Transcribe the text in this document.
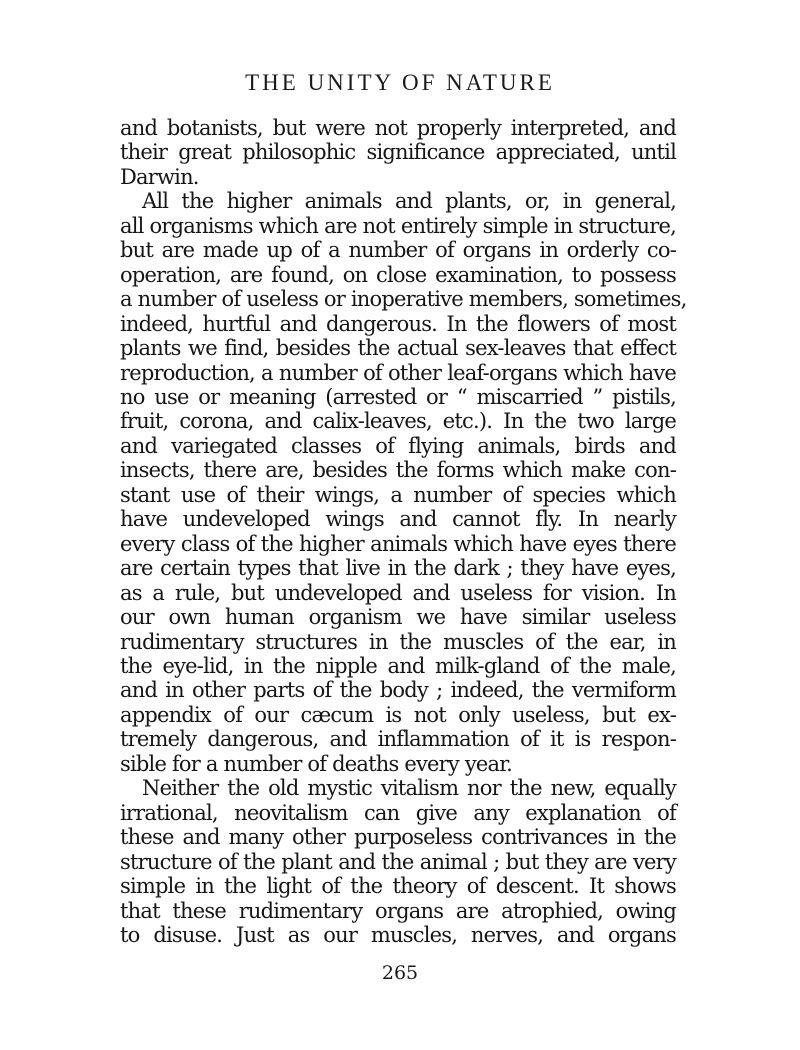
THE UNITY OF NATURE
and botanists, but were not properly interpreted, and
their great philosophic significance appreciated, until
Darwin.
All the higher animals and plants, or, in general,
all organisms which are not entirely simple in structure,
but are made up of a number of organs in orderly co-
operation, are found, on close examination, to possess
a number of useless or inoperative members, sometimes,
indeed, hurtful and dangerous. In the flowers of most
plants we find, besides the actual sex-leaves that effect
reproduction, a number of other leaf-organs which have
no use or meaning (arrested or “ miscarried ” pistils,
fruit, corona, and calix-leaves, etc.). In the two large
and variegated classes of flying animals, birds and
insects, there are, besides the forms which make con-
stant use of their wings, a number of species which
have undeveloped wings and cannot fly. In nearly
every class of the higher animals which have eyes there
are certain types that live in the dark ; they have eyes,
as a rule, but undeveloped and useless for vision. In
our own human organism we have similar useless
rudimentary structures in the muscles of the ear, in
the eye-lid, in the nipple and milk-gland of the male,
and in other parts of the body ; indeed, the vermiform
appendix of our cæcum is not only useless, but ex-
tremely dangerous, and inflammation of it is respon-
sible for a number of deaths every year.
Neither the old mystic vitalism nor the new, equally
irrational, neovitalism can give any explanation of
these and many other purposeless contrivances in the
structure of the plant and the animal ; but they are very
simple in the light of the theory of descent. It shows
that these rudimentary organs are atrophied, owing
to disuse. Just as our muscles, nerves, and organs
265
